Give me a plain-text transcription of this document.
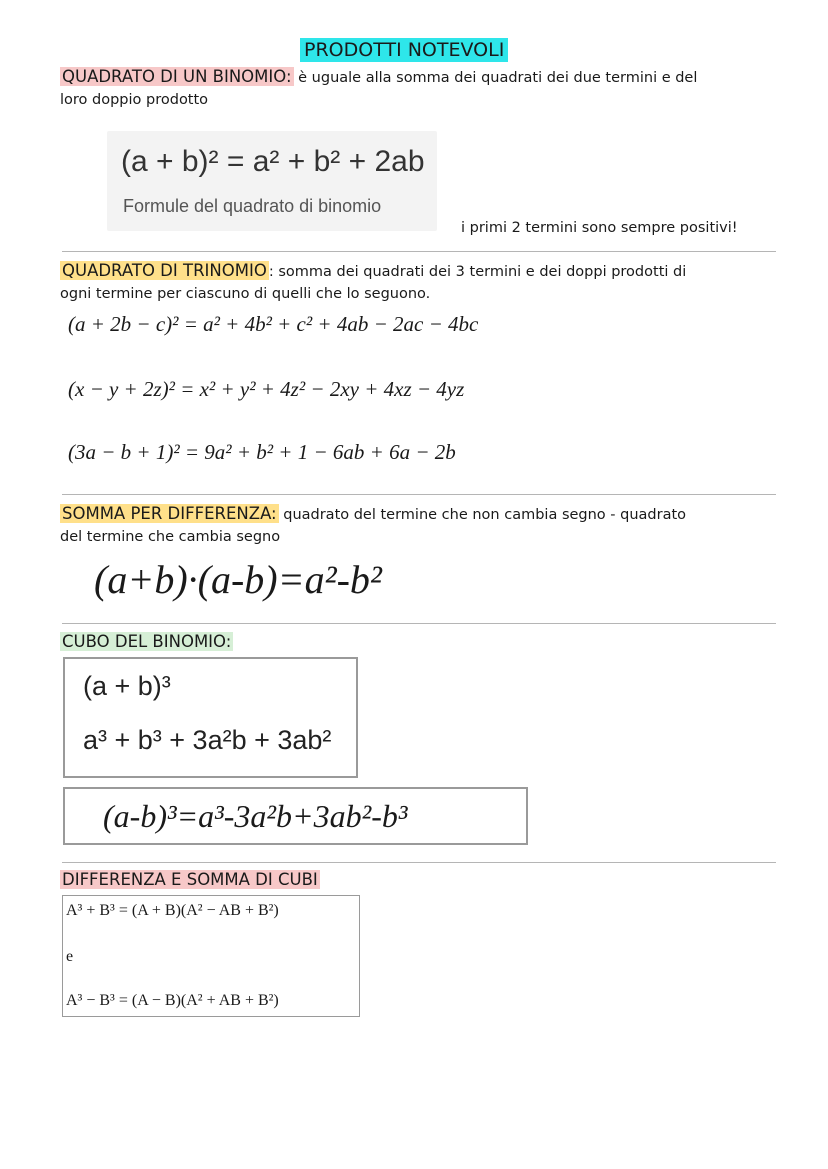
PRODOTTI NOTEVOLI
QUADRATO DI UN BINOMIO: è uguale alla somma dei quadrati dei due termini e del
loro doppio prodotto
(a + b)² = a² + b² + 2ab
Formule del quadrato di binomio
i primi 2 termini sono sempre positivi!
QUADRATO DI TRINOMIO : somma dei quadrati dei 3 termini e dei doppi prodotti di
ogni termine per ciascuno di quelli che lo seguono.
(a + 2b − c)² = a² + 4b² + c² + 4ab − 2ac − 4bc
(x − y + 2z)² = x² + y² + 4z² − 2xy + 4xz − 4yz
(3a − b + 1)² = 9a² + b² + 1 − 6ab + 6a − 2b
SOMMA PER DIFFERENZA: quadrato del termine che non cambia segno - quadrato
del termine che cambia segno
(a+b)·(a-b)=a²-b²
CUBO DEL BINOMIO:
(a + b)³
a³ + b³ + 3a²b + 3ab²
(a-b)³=a³-3a²b+3ab²-b³
DIFFERENZA E SOMMA DI CUBI
A³ + B³ = (A + B)(A² − AB + B²)
e
A³ − B³ = (A − B)(A² + AB + B²)
